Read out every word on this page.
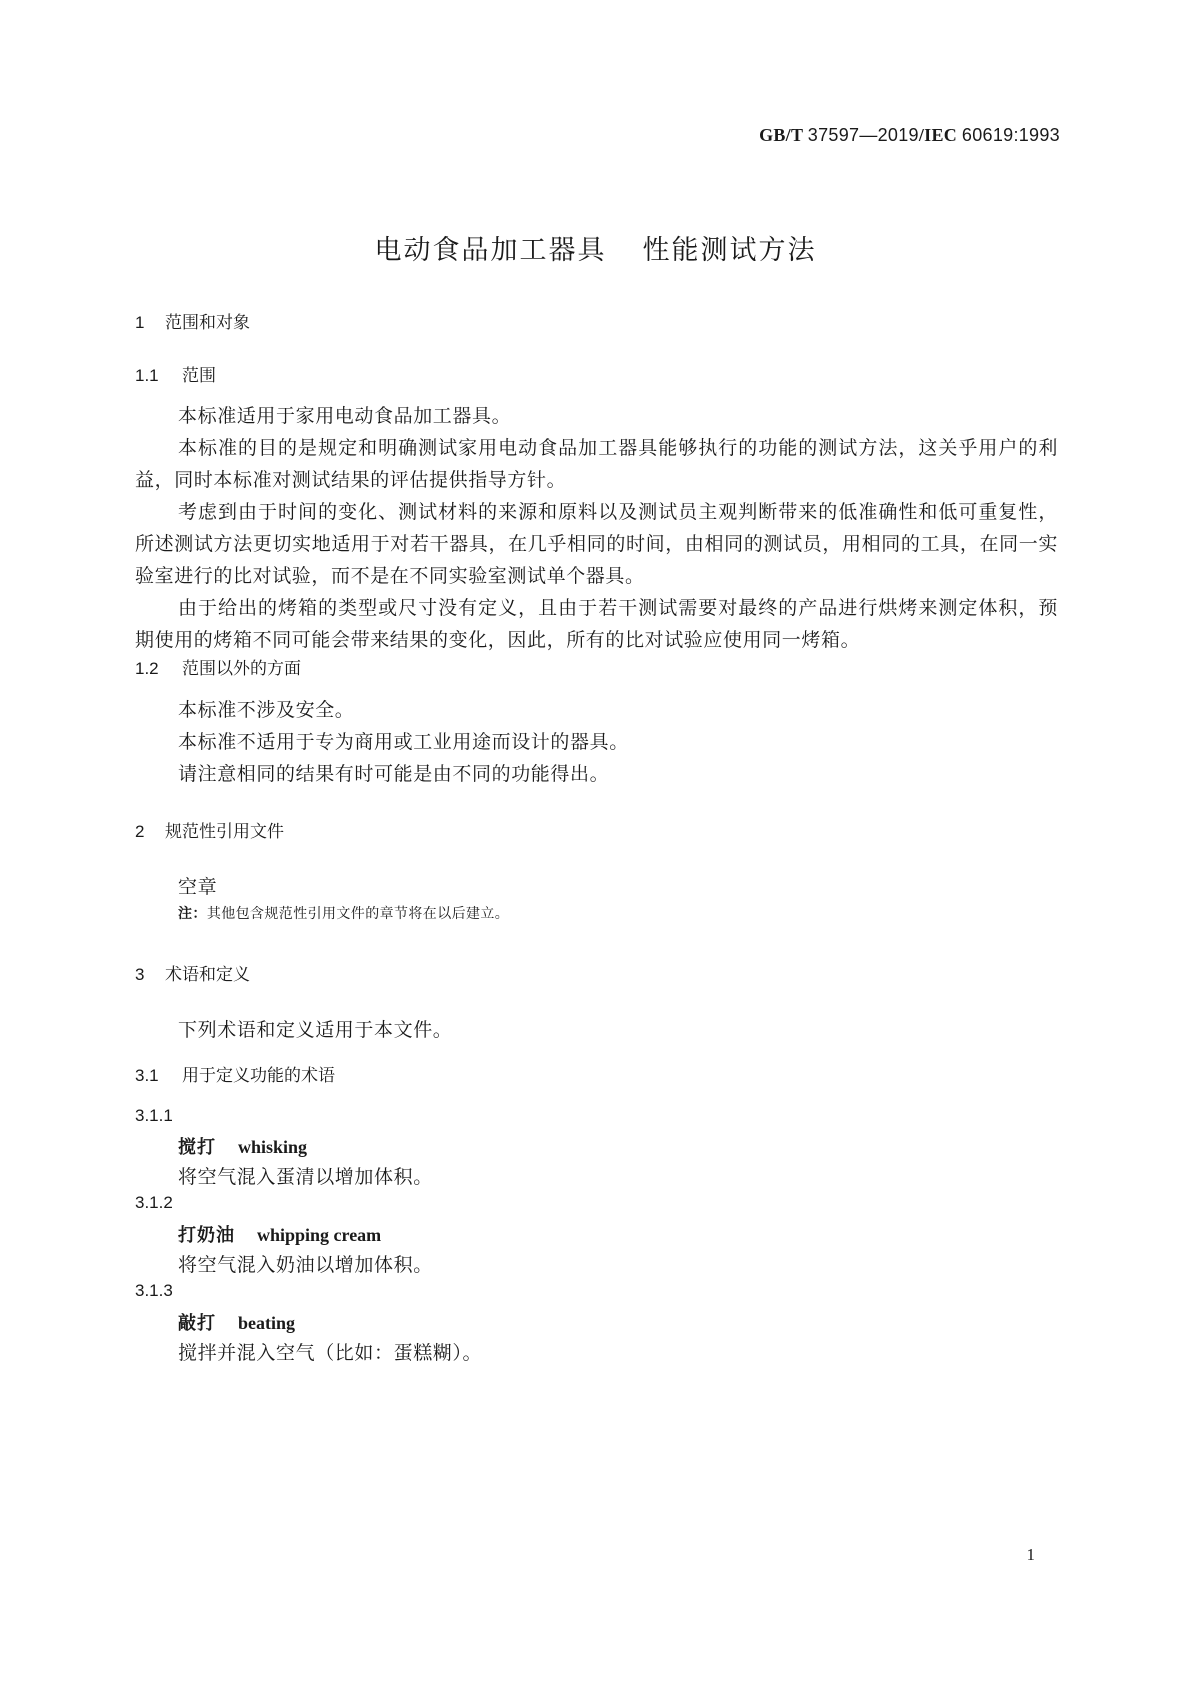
GB/T 37597—2019/IEC 60619:1993
电动食品加工器具 性能测试方法
1 范围和对象
1.1 范围
本标准适用于家用电动食品加工器具。
本标准的目的是规定和明确测试家用电动食品加工器具能够执行的功能的测试方法，这关乎用户的利益，同时本标准对测试结果的评估提供指导方针。
考虑到由于时间的变化、测试材料的来源和原料以及测试员主观判断带来的低准确性和低可重复性，所述测试方法更切实地适用于对若干器具，在几乎相同的时间，由相同的测试员，用相同的工具，在同一实验室进行的比对试验，而不是在不同实验室测试单个器具。
由于给出的烤箱的类型或尺寸没有定义，且由于若干测试需要对最终的产品进行烘烤来测定体积，预期使用的烤箱不同可能会带来结果的变化，因此，所有的比对试验应使用同一烤箱。
1.2 范围以外的方面
本标准不涉及安全。
本标准不适用于专为商用或工业用途而设计的器具。
请注意相同的结果有时可能是由不同的功能得出。
2 规范性引用文件
空章
注：其他包含规范性引用文件的章节将在以后建立。
3 术语和定义
下列术语和定义适用于本文件。
3.1 用于定义功能的术语
3.1.1
搅打 whisking
将空气混入蛋清以增加体积。
3.1.2
打奶油 whipping cream
将空气混入奶油以增加体积。
3.1.3
敲打 beating
搅拌并混入空气（比如：蛋糕糊）。
1
